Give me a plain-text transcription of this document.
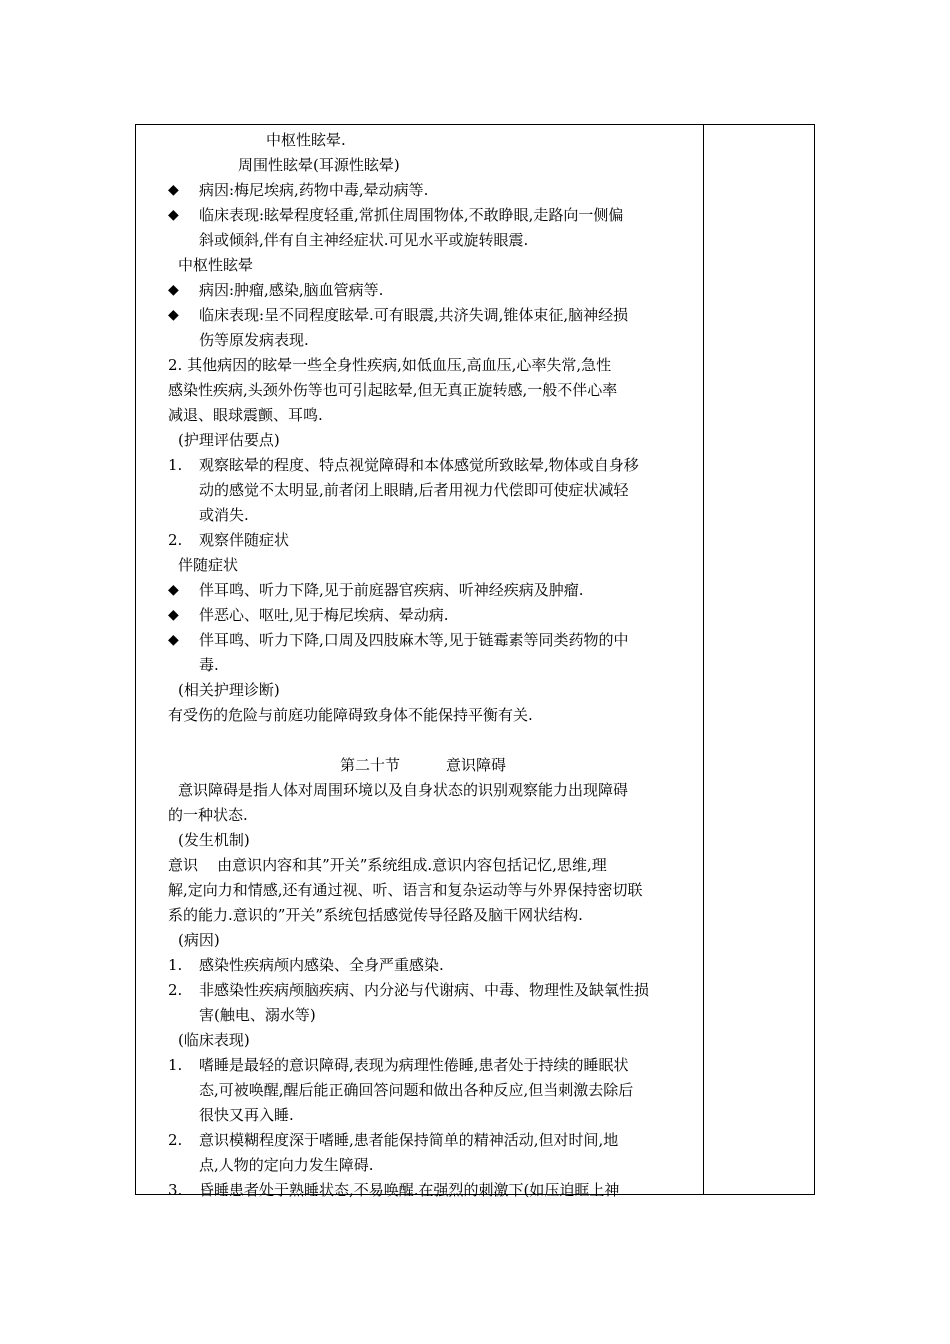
中枢性眩晕.
周围性眩晕(耳源性眩晕)
◆	病因:梅尼埃病,药物中毒,晕动病等.
◆	临床表现:眩晕程度轻重,常抓住周围物体,不敢睁眼,走路向一侧偏
斜或倾斜,伴有自主神经症状.可见水平或旋转眼震.
中枢性眩晕
◆	病因:肿瘤,感染,脑血管病等.
◆	临床表现:呈不同程度眩晕.可有眼震,共济失调,锥体束征,脑神经损
伤等原发病表现.
2. 其他病因的眩晕一些全身性疾病,如低血压,高血压,心率失常,急性
感染性疾病,头颈外伤等也可引起眩晕,但无真正旋转感,一般不伴心率
减退、眼球震颤、耳鸣.
(护理评估要点)
1.	观察眩晕的程度、特点视觉障碍和本体感觉所致眩晕,物体或自身移
动的感觉不太明显,前者闭上眼睛,后者用视力代偿即可使症状减轻
或消失.
2.	观察伴随症状
伴随症状
◆	伴耳鸣、听力下降,见于前庭器官疾病、听神经疾病及肿瘤.
◆	伴恶心、呕吐,见于梅尼埃病、晕动病.
◆	伴耳鸣、听力下降,口周及四肢麻木等,见于链霉素等同类药物的中
毒.
(相关护理诊断)
有受伤的危险与前庭功能障碍致身体不能保持平衡有关.
第二十节	意识障碍
意识障碍是指人体对周围环境以及自身状态的识别观察能力出现障碍
的一种状态.
(发生机制)
意识    由意识内容和其”开关”系统组成.意识内容包括记忆,思维,理
解,定向力和情感,还有通过视、听、语言和复杂运动等与外界保持密切联
系的能力.意识的”开关”系统包括感觉传导径路及脑干网状结构.
(病因)
1.	感染性疾病颅内感染、全身严重感染.
2.	非感染性疾病颅脑疾病、内分泌与代谢病、中毒、物理性及缺氧性损
害(触电、溺水等)
(临床表现)
1.	嗜睡是最轻的意识障碍,表现为病理性倦睡,患者处于持续的睡眠状
态,可被唤醒,醒后能正确回答问题和做出各种反应,但当刺激去除后
很快又再入睡.
2.	意识模糊程度深于嗜睡,患者能保持简单的精神活动,但对时间,地
点,人物的定向力发生障碍.
3.	昏睡患者处于熟睡状态,不易唤醒.在强烈的刺激下(如压迫眶上神
